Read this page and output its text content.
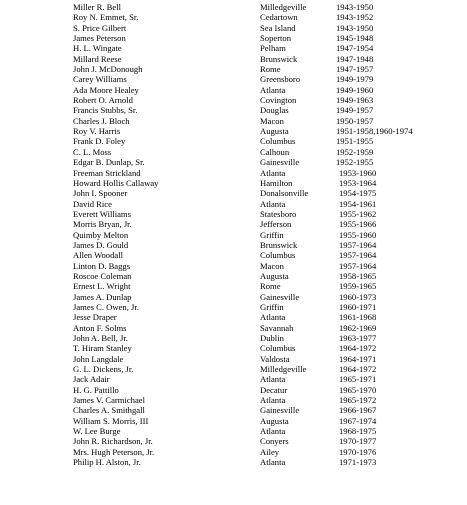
Miller R. Bell	Milledgeville	1943-1950
Roy N. Emmet, Sr.	Cedartown	1943-1952
S. Price Gilbert	Sea Island	1943-1950
James Peterson	Soperton	1945-1948
H. L. Wingate	Pelham	1947-1954
Millard Reese	Brunswick	1947-1948
John J. McDonough	Rome	1947-1957
Carey Williams	Greensboro	1949-1979
Ada Moore Healey	Atlanta	1949-1960
Robert O. Arnold	Covington	1949-1963
Francis Stubbs, Sr.	Douglas	1949-1957
Charles J. Bloch	Macon	1950-1957
Roy V. Harris	Augusta	1951-1958,1960-1974
Frank D. Foley	Columbus	1951-1955
C. L. Moss	Calhoun	1952-1959
Edgar B. Dunlap, Sr.	Gainesville	1952-1955
Freeman Strickland	Atlanta	1953-1960
Howard Hollis Callaway	Hamilton	1953-1964
John I. Spooner	Donalsonville	1954-1975
David Rice	Atlanta	1954-1961
Everett Williams	Statesboro	1955-1962
Morris Bryan, Jr.	Jefferson	1955-1966
Quimby Melton	Griffin	1955-1960
James D. Gould	Brunswick	1957-1964
Allen Woodall	Columbus	1957-1964
Linton D. Baggs	Macon	1957-1964
Roscoe Coleman	Augusta	1958-1965
Ernest L. Wright	Rome	1959-1965
James A. Dunlap	Gainesville	1960-1973
James C. Owen, Jr.	Griffin	1960-1971
Jesse Draper	Atlanta	1961-1968
Anton F. Solms	Savannah	1962-1969
John A. Bell, Jr.	Dublin	1963-1977
T. Hiram Stanley	Columbus	1964-1972
John Langdale	Valdosta	1964-1971
G. L. Dickens, Jr.	Milledgeville	1964-1972
Jack Adair	Atlanta	1965-1971
H. G. Pattillo	Decatur	1965-1970
James V. Carmichael	Atlanta	1965-1972
Charles A. Smithgall	Gainesville	1966-1967
William S. Morris, III	Augusta	1967-1974
W. Lee Burge	Atlanta	1968-1975
John R. Richardson, Jr.	Conyers	1970-1977
Mrs. Hugh Peterson, Jr.	Ailey	1970-1976
Philip H. Alston, Jr.	Atlanta	1971-1973
